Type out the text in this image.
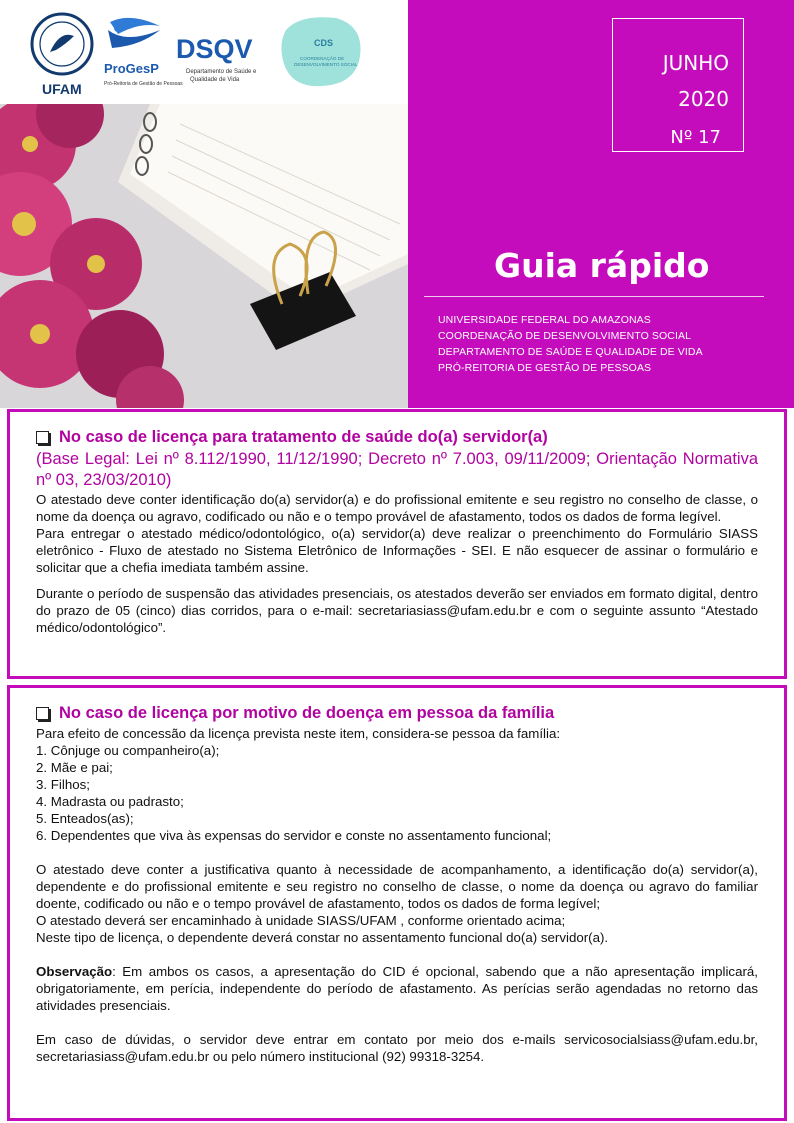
UFAM
ProGesP
Pró-Reitoria de Gestão de Pessoas
DSQV
Departamento de Saúde e
Qualidade de Vida
CDS
COORDENAÇÃO DE
DESENVOLVIMENTO SOCIAL	JUNHO
2020
Nº 17
Guia rápido
UNIVERSIDADE FEDERAL DO AMAZONAS
COORDENAÇÃO DE DESENVOLVIMENTO SOCIAL
DEPARTAMENTO DE SAÚDE E QUALIDADE DE VIDA
PRÓ-REITORIA DE GESTÃO DE PESSOAS
No caso de licença para tratamento de saúde do(a) servidor(a)
(Base Legal: Lei nº 8.112/1990, 11/12/1990; Decreto nº 7.003, 09/11/2009; Orientação Normativa nº 03, 23/03/2010)
O atestado deve conter identificação do(a) servidor(a) e do profissional emitente e seu registro no conselho de classe, o nome da doença ou agravo, codificado ou não e o tempo provável de afastamento, todos os dados de forma legível.
Para entregar o atestado médico/odontológico, o(a) servidor(a) deve realizar o preenchimento do Formulário SIASS eletrônico - Fluxo de atestado no Sistema Eletrônico de Informações - SEI. E não esquecer de assinar o formulário e solicitar que a chefia imediata também assine.
Durante o período de suspensão das atividades presenciais, os atestados deverão ser enviados em formato digital, dentro do prazo de 05 (cinco) dias corridos, para o e-mail: secretariasiass@ufam.edu.br e com o seguinte assunto “Atestado médico/odontológico”.
No caso de licença por motivo de doença em pessoa da família
Para efeito de concessão da licença prevista neste item, considera-se pessoa da família:
1. Cônjuge ou companheiro(a);
2. Mãe e pai;
3. Filhos;
4. Madrasta ou padrasto;
5. Enteados(as);
6. Dependentes que viva às expensas do servidor e conste no assentamento funcional;
O atestado deve conter a justificativa quanto à necessidade de acompanhamento, a identificação do(a) servidor(a), dependente e do profissional emitente e seu registro no conselho de classe, o nome da doença ou agravo do familiar doente, codificado ou não e o tempo provável de afastamento, todos os dados de forma legível;
O atestado deverá ser encaminhado à unidade SIASS/UFAM , conforme orientado acima;
Neste tipo de licença, o dependente deverá constar no assentamento funcional do(a) servidor(a).
Observação: Em ambos os casos, a apresentação do CID é opcional, sabendo que a não apresentação implicará, obrigatoriamente, em perícia, independente do período de afastamento. As perícias serão agendadas no retorno das atividades presenciais.
Em caso de dúvidas, o servidor deve entrar em contato por meio dos e-mails servicosocialsiass@ufam.edu.br, secretariasiass@ufam.edu.br ou pelo número institucional (92) 99318-3254.
